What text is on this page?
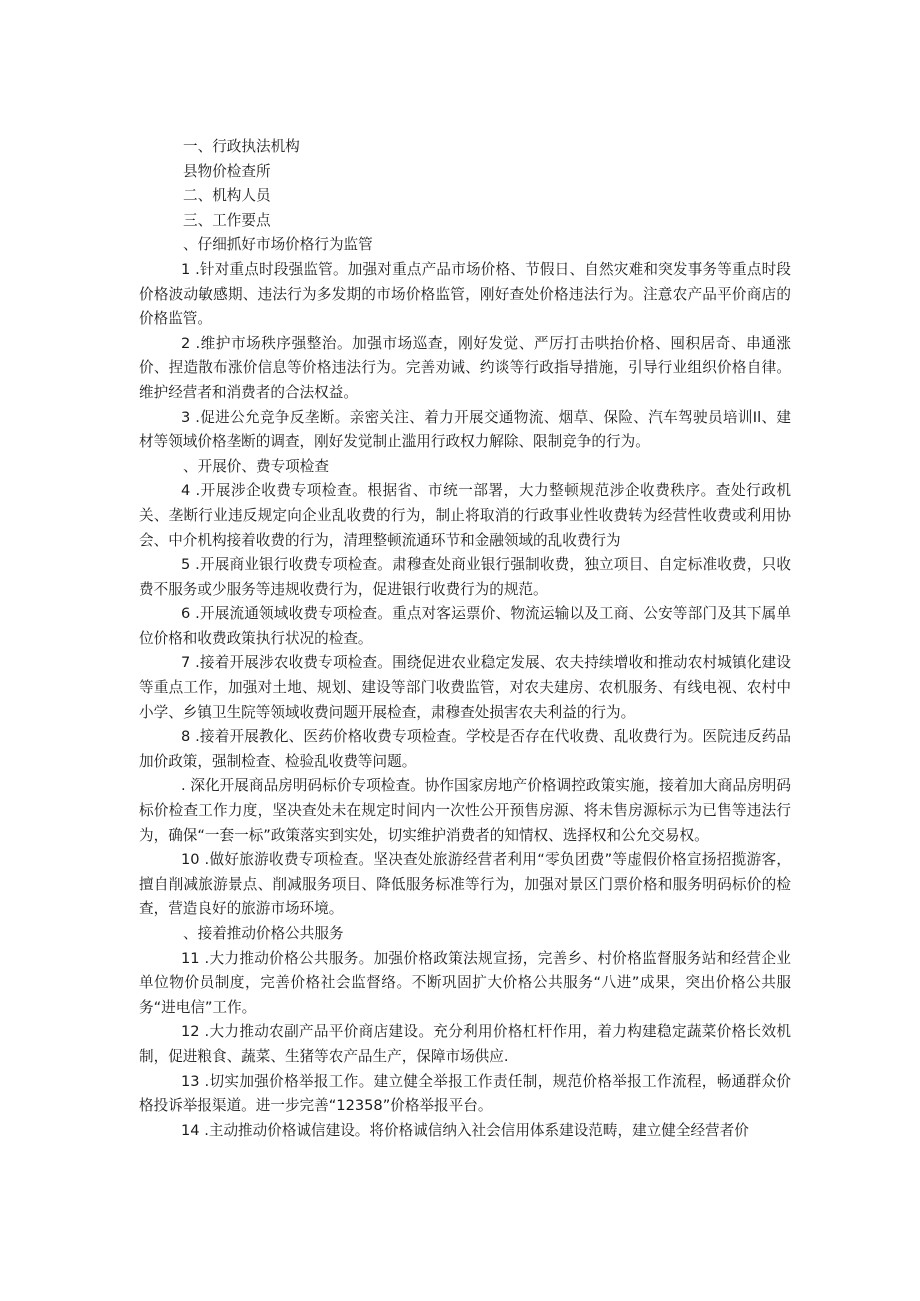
一、行政执法机构

县物价检查所

二、机构人员

三、工作要点

、仔细抓好市场价格行为监管

1 .针对重点时段强监管。加强对重点产品市场价格、节假日、自然灾难和突发事务等重点时段价格波动敏感期、违法行为多发期的市场价格监管，刚好查处价格违法行为。注意农产品平价商店的价格监管。

2 .维护市场秩序强整治。加强市场巡查，刚好发觉、严厉打击哄抬价格、囤积居奇、串通涨价、捏造散布涨价信息等价格违法行为。完善劝诫、约谈等行政指导措施，引导行业组织价格自律。维护经营者和消费者的合法权益。

3 .促进公允竞争反垄断。亲密关注、着力开展交通物流、烟草、保险、汽车驾驶员培训Il、建材等领域价格垄断的调查，刚好发觉制止滥用行政权力解除、限制竞争的行为。

、开展价、费专项检查

4 .开展涉企收费专项检查。根据省、市统一部署，大力整顿规范涉企收费秩序。查处行政机关、垄断行业违反规定向企业乱收费的行为，制止将取消的行政事业性收费转为经营性收费或利用协会、中介机构接着收费的行为，清理整顿流通环节和金融领域的乱收费行为

5 .开展商业银行收费专项检查。肃穆查处商业银行强制收费，独立项目、自定标准收费，只收费不服务或少服务等违规收费行为，促进银行收费行为的规范。

6 .开展流通领域收费专项检查。重点对客运票价、物流运输以及工商、公安等部门及其下属单位价格和收费政策执行状况的检查。

7 .接着开展涉农收费专项检查。围绕促进农业稳定发展、农夫持续增收和推动农村城镇化建设等重点工作，加强对土地、规划、建设等部门收费监管，对农夫建房、农机服务、有线电视、农村中小学、乡镇卫生院等领域收费问题开展检查，肃穆查处损害农夫利益的行为。

8 .接着开展教化、医药价格收费专项检查。学校是否存在代收费、乱收费行为。医院违反药品加价政策，强制检查、检验乱收费等问题。

. 深化开展商品房明码标价专项检查。协作国家房地产价格调控政策实施，接着加大商品房明码标价检查工作力度，坚决查处未在规定时间内一次性公开预售房源、将未售房源标示为已售等违法行为，确保“一套一标”政策落实到实处，切实维护消费者的知情权、选择权和公允交易权。

10 .做好旅游收费专项检查。坚决查处旅游经营者利用“零负团费”等虚假价格宣扬招揽游客，擅自削减旅游景点、削减服务项目、降低服务标准等行为，加强对景区门票价格和服务明码标价的检查，营造良好的旅游市场环境。

、接着推动价格公共服务

11 .大力推动价格公共服务。加强价格政策法规宣扬，完善乡、村价格监督服务站和经营企业单位物价员制度，完善价格社会监督络。不断巩固扩大价格公共服务“八进”成果，突出价格公共服务“进电信”工作。

12 .大力推动农副产品平价商店建设。充分利用价格杠杆作用，着力构建稳定蔬菜价格长效机制，促进粮食、蔬菜、生猪等农产品生产，保障市场供应.

13 .切实加强价格举报工作。建立健全举报工作责任制，规范价格举报工作流程，畅通群众价格投诉举报渠道。进一步完善“12358”价格举报平台。

14 .主动推动价格诚信建设。将价格诚信纳入社会信用体系建设范畴，建立健全经营者价
